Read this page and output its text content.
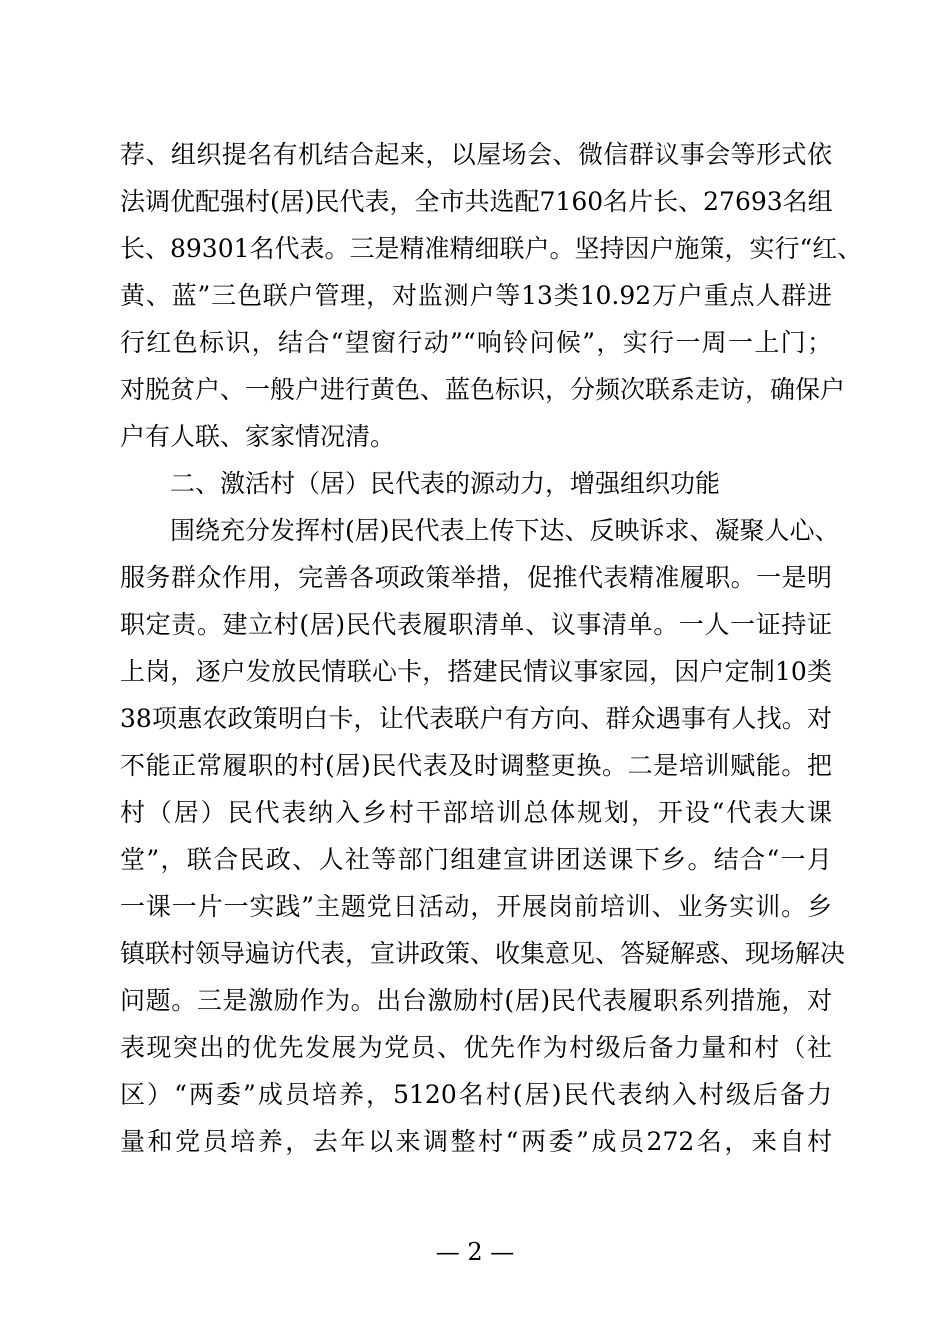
荐、组织提名有机结合起来，以屋场会、微信群议事会等形式依
法调优配强村(居)民代表，全市共选配7160名片长、27693名组
长、89301名代表。三是精准精细联户。坚持因户施策，实行“红、
黄、蓝”三色联户管理，对监测户等13类10.92万户重点人群进
行红色标识，结合“望窗行动”“响铃问候”，实行一周一上门；
对脱贫户、一般户进行黄色、蓝色标识，分频次联系走访，确保户
户有人联、家家情况清。
二、激活村（居）民代表的源动力，增强组织功能
围绕充分发挥村(居)民代表上传下达、反映诉求、凝聚人心、
服务群众作用，完善各项政策举措，促推代表精准履职。一是明
职定责。建立村(居)民代表履职清单、议事清单。一人一证持证
上岗，逐户发放民情联心卡，搭建民情议事家园，因户定制10类
38项惠农政策明白卡，让代表联户有方向、群众遇事有人找。对
不能正常履职的村(居)民代表及时调整更换。二是培训赋能。把
村（居）民代表纳入乡村干部培训总体规划，开设“代表大课
堂”，联合民政、人社等部门组建宣讲团送课下乡。结合“一月
一课一片一实践”主题党日活动，开展岗前培训、业务实训。乡
镇联村领导遍访代表，宣讲政策、收集意见、答疑解惑、现场解决
问题。三是激励作为。出台激励村(居)民代表履职系列措施，对
表现突出的优先发展为党员、优先作为村级后备力量和村（社
区）“两委”成员培养，5120名村(居)民代表纳入村级后备力
量和党员培养，去年以来调整村“两委”成员272名，来自村
— 2 —
